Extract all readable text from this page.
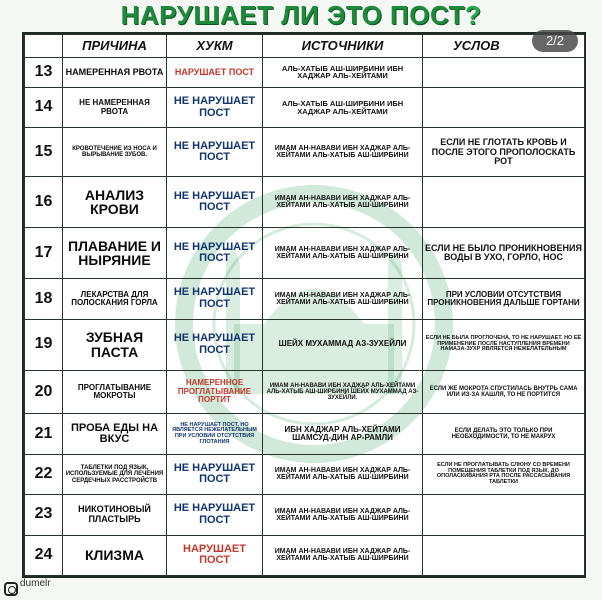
НАРУШАЕТ ЛИ ЭТО ПОСТ?
	ПРИЧИНА	ХУКМ	ИСТОЧНИКИ	УСЛОВ
13	НАМЕРЕННАЯ РВОТА	НАРУШАЕТ ПОСТ	АЛЬ-ХАТЫБ АШ-ШИРБИНИ ИБН ХАДЖАР АЛЬ-ХЕЙТАМИ	
14	НЕ НАМЕРЕННАЯ РВОТА	НЕ НАРУШАЕТ ПОСТ	АЛЬ-ХАТЫБ АШ-ШИРБИНИ ИБН ХАДЖАР АЛЬ-ХЕЙТАМИ	
15	КРОВОТЕЧЕНИЕ ИЗ НОСА И ВЫРЫВАНИЕ ЗУБОВ.	НЕ НАРУШАЕТ ПОСТ	ИМАМ АН-НАВАВИ ИБН ХАДЖАР АЛЬ-ХЕЙТАМИ АЛЬ-ХАТЫБ АШ-ШИРБИНИ	ЕСЛИ НЕ ГЛОТАТЬ КРОВЬ И ПОСЛЕ ЭТОГО ПРОПОЛОСКАТЬ РОТ
16	АНАЛИЗ КРОВИ	НЕ НАРУШАЕТ ПОСТ	ИМАМ АН-НАВАВИ ИБН ХАДЖАР АЛЬ-ХЕЙТАМИ АЛЬ-ХАТЫБ АШ-ШИРБИНИ	
17	ПЛАВАНИЕ И НЫРЯНИЕ	НЕ НАРУШАЕТ ПОСТ	ИМАМ АН-НАВАВИ ИБН ХАДЖАР АЛЬ-ХЕЙТАМИ АЛЬ-ХАТЫБ АШ-ШИРБИНИ	ЕСЛИ НЕ БЫЛО ПРОНИКНОВЕНИЯ ВОДЫ В УХО, ГОРЛО, НОС
18	ЛЕКАРСТВА ДЛЯ ПОЛОСКАНИЯ ГОРЛА	НЕ НАРУШАЕТ ПОСТ	ИМАМ АН-НАВАВИ ИБН ХАДЖАР АЛЬ-ХЕЙТАМИ АЛЬ-ХАТЫБ АШ-ШИРБИНИ	ПРИ УСЛОВИИ ОТСУТСТВИЯ ПРОНИКНОВЕНИЯ ДАЛЬШЕ ГОРТАНИ
19	ЗУБНАЯ ПАСТА	НЕ НАРУШАЕТ ПОСТ	ШЕЙХ МУХАММАД АЗ-ЗУХЕЙЛИ	ЕСЛИ НЕ БЫЛА ПРОГЛОЧЕНА, ТО НЕ НАРУШАЕТ. НО ЕЁ ПРИМЕНЕНИЕ ПОСЛЕ НАСТУПЛЕНИЯ ВРЕМЕНИ НАМАЗА-ЗУХР ЯВЛЯЕТСЯ НЕЖЕЛАТЕЛЬНЫМ
20	ПРОГЛАТЫВАНИЕ МОКРОТЫ	НАМЕРЕННОЕ ПРОГЛАТЫВАНИЕ ПОРТИТ	ИМАМ АН-НАВАВИ ИБН ХАДЖАР АЛЬ-ХЕЙТАМИ АЛЬ-ХАТЫБ АШ-ШИРБИНИ ШЕЙХ МУХАММАД АЗ-ЗУХЕЙЛИ.	ЕСЛИ ЖЕ МОКРОТА СПУСТИЛАСЬ ВНУТРЬ САМА ИЛИ ИЗ-ЗА КАШЛЯ, ТО НЕ ПОРТИТСЯ
21	ПРОБА ЕДЫ НА ВКУС	НЕ НАРУШАЕТ ПОСТ, НО ЯВЛЯЕТСЯ НЕЖЕЛАТЕЛЬНЫМ ПРИ УСЛОВИИ ОТСУТСТВИЯ ГЛОТАНИЯ	ИБН ХАДЖАР АЛЬ-ХЕЙТАМИ ШАМСУД-ДИН АР-РАМЛИ	ЕСЛИ ДЕЛАТЬ ЭТО ТОЛЬКО ПРИ НЕОБХОДИМОСТИ, ТО НЕ МАКРУХ
22	ТАБЛЕТКИ ПОД ЯЗЫК, ИСПОЛЬЗУЕМЫЕ ДЛЯ ЛЕЧЕНИЯ СЕРДЕЧНЫХ РАССТРОЙСТВ	НЕ НАРУШАЕТ ПОСТ	ИМАМ АН-НАВАВИ ИБН ХАДЖАР АЛЬ-ХЕЙТАМИ АЛЬ-ХАТЫБ АШ-ШИРБИНИ	ЕСЛИ НЕ ПРОГЛАТЫВАТЬ СЛЮНУ СО ВРЕМЕНИ ПОМЕЩЕНИЯ ТАБЛЕТКИ ПОД ЯЗЫК, ДО ОПОЛАСКИВАНИЯ РТА ПОСЛЕ РАССАСЫВАНИЯ ТАБЛЕТКИ
23	НИКОТИНОВЫЙ ПЛАСТЫРЬ	НЕ НАРУШАЕТ ПОСТ	ИМАМ АН-НАВАВИ ИБН ХАДЖАР АЛЬ-ХЕЙТАМИ АЛЬ-ХАТЫБ АШ-ШИРБИНИ	
24	КЛИЗМА	НАРУШАЕТ ПОСТ	ИМАМ АН-НАВАВИ ИБН ХАДЖАР АЛЬ-ХЕЙТАМИ АЛЬ-ХАТЫБ АШ-ШИРБИНИ	
2/2
dumelr
